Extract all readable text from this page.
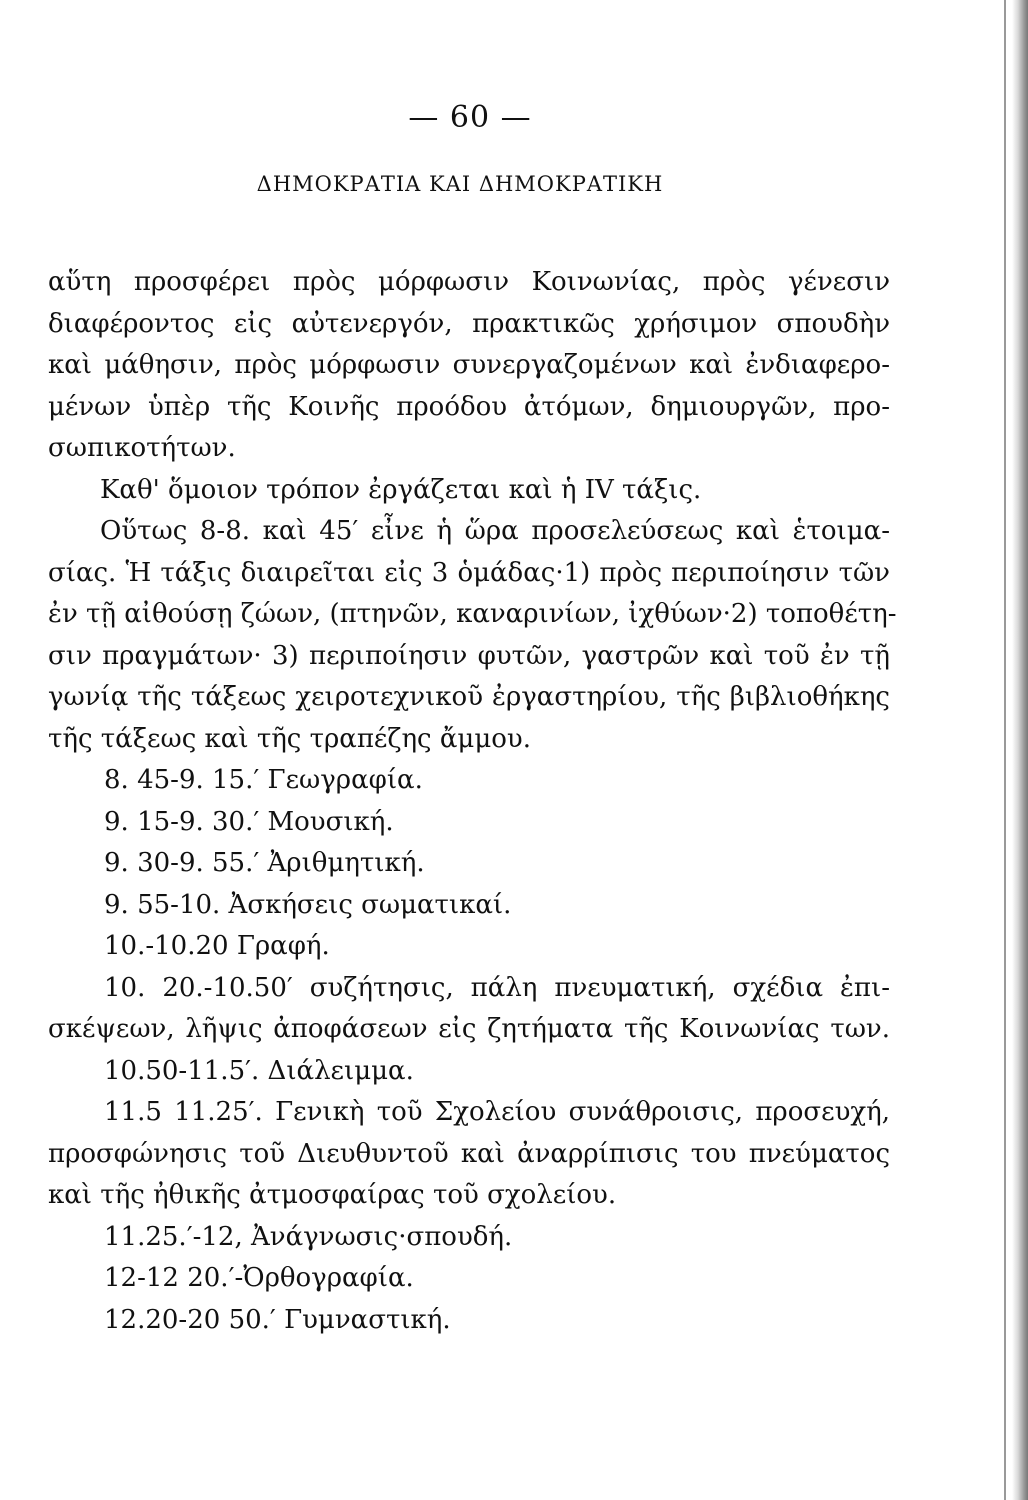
— 60 —
ΔΗΜΟΚΡΑΤΙΑ ΚΑΙ ΔΗΜΟΚΡΑΤΙΚΗ
αὕτη προσφέρει πρὸς μόρφωσιν Κοινωνίας, πρὸς γένεσιν
διαφέροντος εἰς αὐτενεργόν, πρακτικῶς χρήσιμον σπουδὴν
καὶ μάθησιν, πρὸς μόρφωσιν συνεργαζομένων καὶ ἐνδιαφερο-
μένων ὑπὲρ τῆς Κοινῆς προόδου ἀτόμων, δημιουργῶν, προ-
σωπικοτήτων.
Καθ' ὅμοιον τρόπον ἐργάζεται καὶ ἡ IV τάξις.
Οὕτως 8-8. καὶ 45′ εἶνε ἡ ὥρα προσελεύσεως καὶ ἑτοιμα-
σίας. Ἡ τάξις διαιρεῖται εἰς 3 ὁμάδας·1) πρὸς περιποίησιν τῶν
ἐν τῇ αἰθούσῃ ζώων, (πτηνῶν, καναρινίων, ἰχθύων·2) τοποθέτη-
σιν πραγμάτων· 3) περιποίησιν φυτῶν, γαστρῶν καὶ τοῦ ἐν τῇ
γωνίᾳ τῆς τάξεως χειροτεχνικοῦ ἐργαστηρίου, τῆς βιβλιοθήκης
τῆς τάξεως καὶ τῆς τραπέζης ἄμμου.
8. 45-9. 15.′ Γεωγραφία.
9. 15-9. 30.′ Μουσική.
9. 30-9. 55.′ Ἀριθμητική.
9. 55-10. Ἀσκήσεις σωματικαί.
10.-10.20 Γραφή.
10. 20.-10.50′ συζήτησις, πάλη πνευματική, σχέδια ἐπι-
σκέψεων, λῆψις ἀποφάσεων εἰς ζητήματα τῆς Κοινωνίας των.
10.50-11.5′. Διάλειμμα.
11.5 11.25′. Γενικὴ τοῦ Σχολείου συνάθροισις, προσευχή,
προσφώνησις τοῦ Διευθυντοῦ καὶ ἀναρρίπισις του πνεύματος
καὶ τῆς ἠθικῆς ἀτμοσφαίρας τοῦ σχολείου.
11.25.′-12, Ἀνάγνωσις·σπουδή.
12-12 20.′-Ὀρθογραφία.
12.20-20 50.′ Γυμναστική.
